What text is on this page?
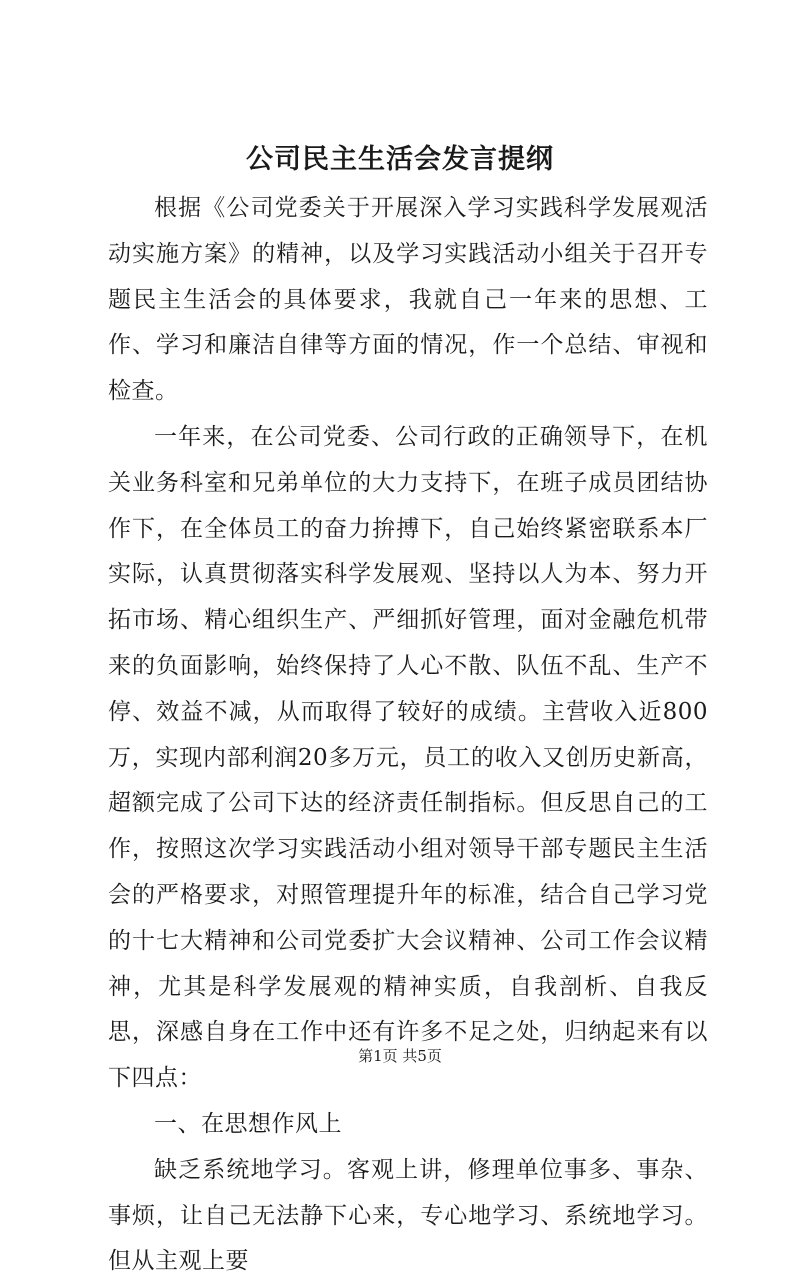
公司民主生活会发言提纲

根据《公司党委关于开展深入学习实践科学发展观活动实施方案》的精神，以及学习实践活动小组关于召开专题民主生活会的具体要求，我就自己一年来的思想、工作、学习和廉洁自律等方面的情况，作一个总结、审视和检查。

一年来，在公司党委、公司行政的正确领导下，在机关业务科室和兄弟单位的大力支持下，在班子成员团结协作下，在全体员工的奋力拚搏下，自己始终紧密联系本厂实际，认真贯彻落实科学发展观、坚持以人为本、努力开拓市场、精心组织生产、严细抓好管理，面对金融危机带来的负面影响，始终保持了人心不散、队伍不乱、生产不停、效益不减，从而取得了较好的成绩。主营收入近800万，实现内部利润20多万元，员工的收入又创历史新高，超额完成了公司下达的经济责任制指标。但反思自己的工作，按照这次学习实践活动小组对领导干部专题民主生活会的严格要求，对照管理提升年的标准，结合自己学习党的十七大精神和公司党委扩大会议精神、公司工作会议精神，尤其是科学发展观的精神实质，自我剖析、自我反思，深感自身在工作中还有许多不足之处，归纳起来有以下四点：

一、在思想作风上

缺乏系统地学习。客观上讲，修理单位事多、事杂、事烦，让自己无法静下心来，专心地学习、系统地学习。但从主观上要

第1页 共5页
